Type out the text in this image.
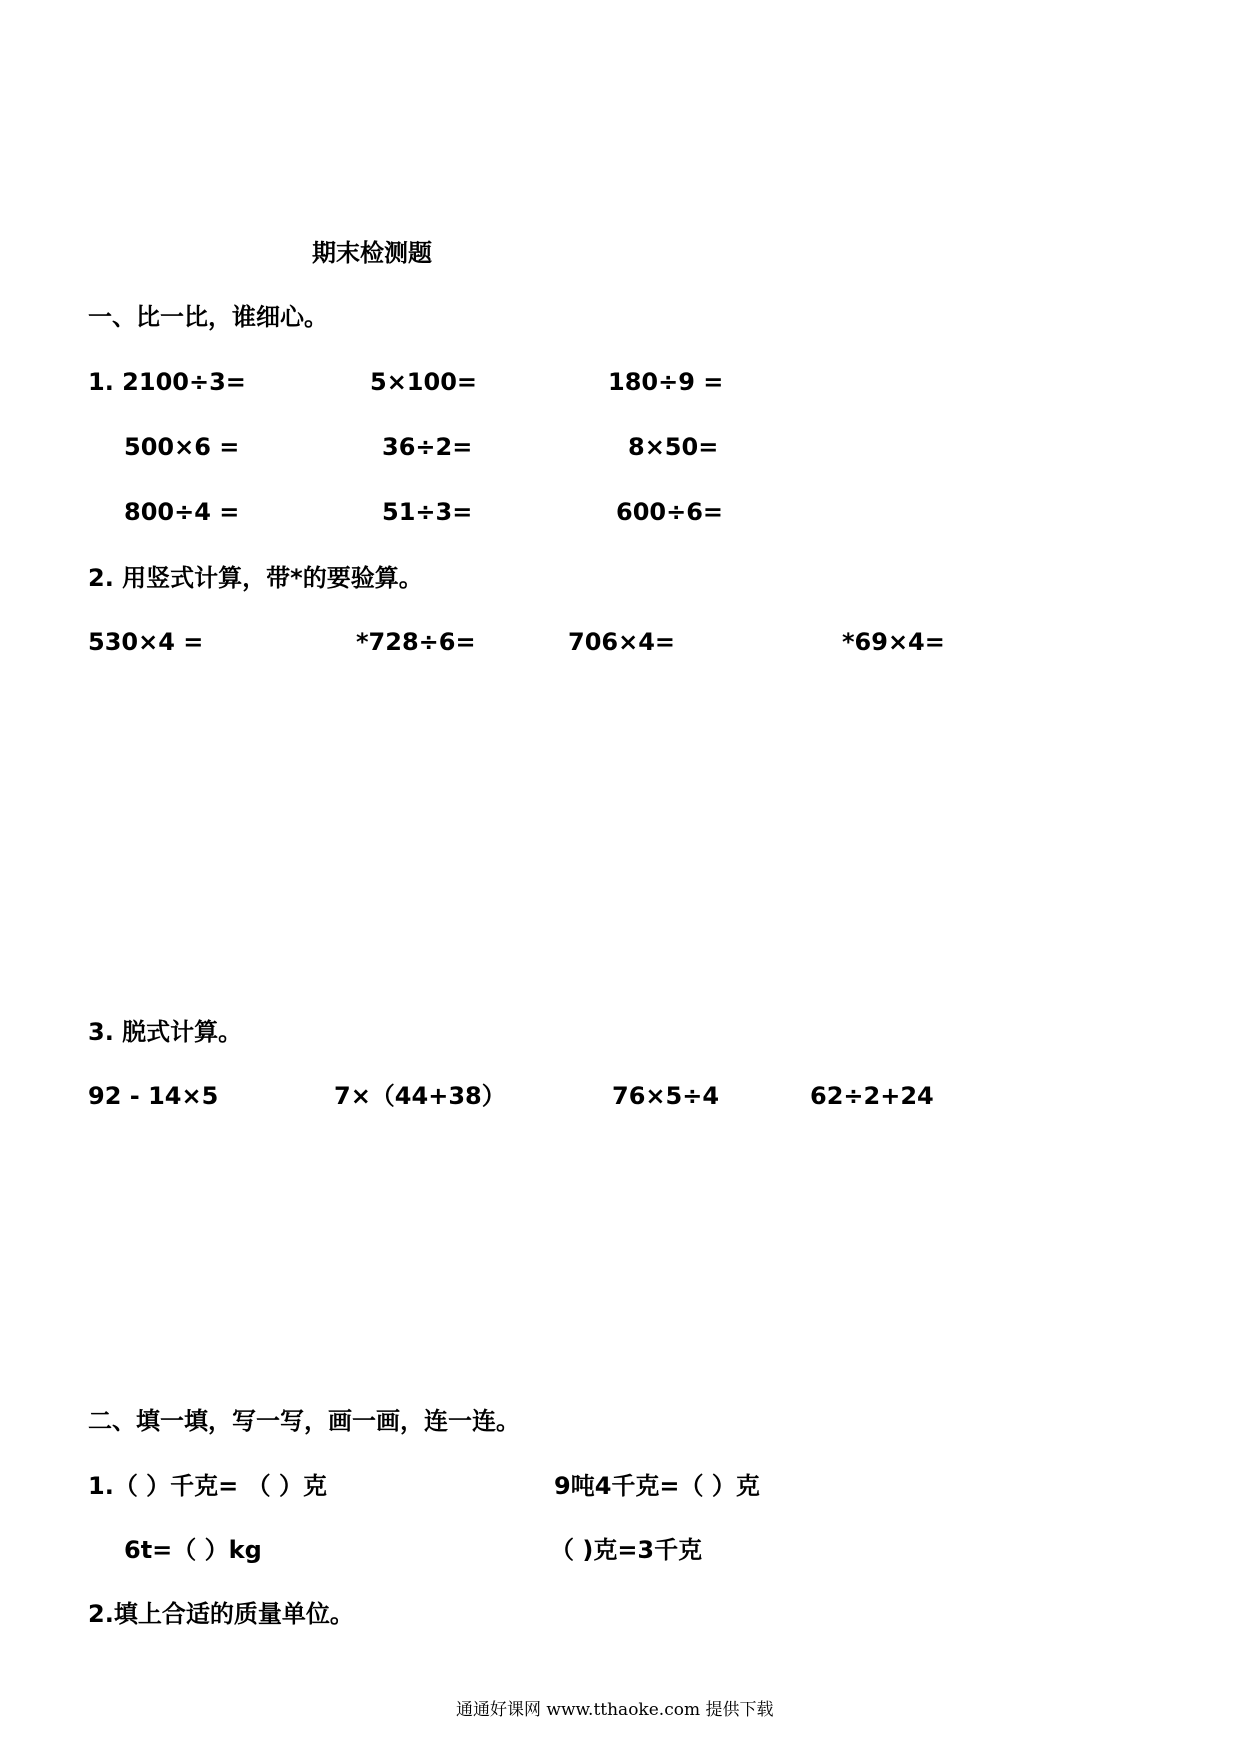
期末检测题
一、比一比，谁细心。
1. 2100÷3=	5×100=	180÷9 =
500×6 =	36÷2=	8×50=
800÷4 =	51÷3=	600÷6=
2. 用竖式计算，带*的要验算。
530×4 =	*728÷6=	706×4=	*69×4=
3. 脱式计算。
92 - 14×5	7×（44+38）	76×5÷4	62÷2+24
二、填一填，写一写，画一画，连一连。
1.（ ）千克= （ ）克	9吨4千克=（ ）克
6t=（ ）kg	（ )克=3千克
2.填上合适的质量单位。
通通好课网 www.tthaoke.com 提供下载
